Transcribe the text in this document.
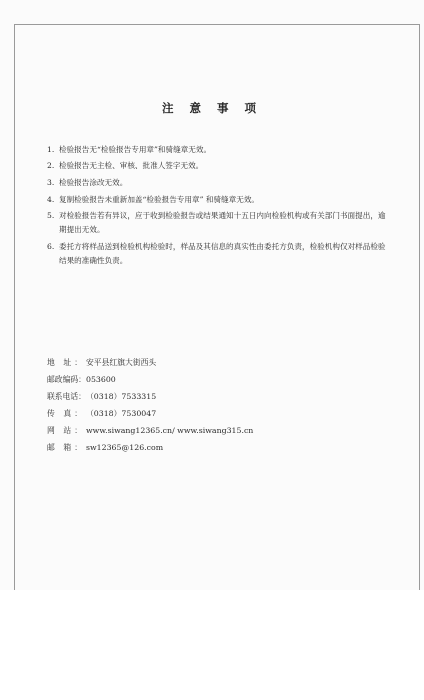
注 意 事 项
1. 检验报告无“检验报告专用章”和骑缝章无效。
2. 检验报告无主检、审核、批准人签字无效。
3. 检验报告涂改无效。
4. 复制检验报告未重新加盖“检验报告专用章” 和骑缝章无效。
5. 对检验报告若有异议，应于收到检验报告或结果通知十五日内向检验机构或有关部门书面提出，逾期提出无效。
6. 委托方将样品送到检验机构检验时，样品及其信息的真实性由委托方负责，检验机构仅对样品检验结果的准确性负责。
地 址： 安平县红旗大街西头
邮政编码：053600
联系电话：（0318）7533315
传 真： （0318）7530047
网 站： www.siwang12365.cn/ www.siwang315.cn
邮 箱： sw12365@126.com
